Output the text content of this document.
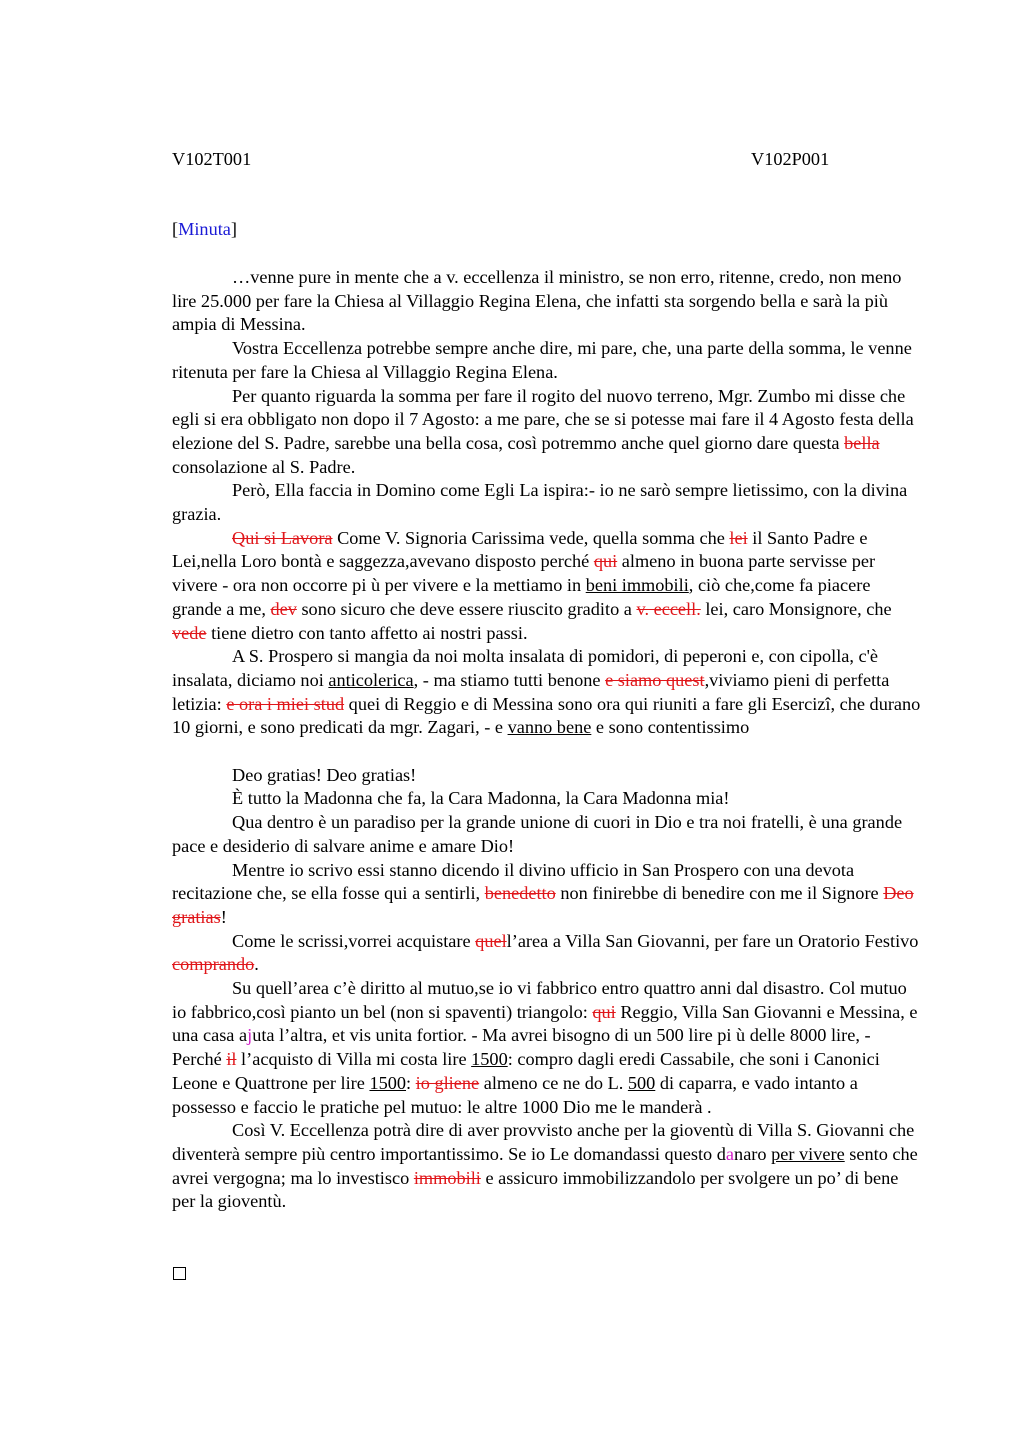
V102T001	V102P001
[Minuta]

…venne pure in mente che a v. eccellenza il ministro, se non erro, ritenne, credo, non meno lire 25.000 per fare la Chiesa al Villaggio Regina Elena, che infatti sta sorgendo bella e sarà la più ampia di Messina.

Vostra Eccellenza potrebbe sempre anche dire, mi pare, che, una parte della somma, le venne ritenuta per fare la Chiesa al Villaggio Regina Elena.

Per quanto riguarda la somma per fare il rogito del nuovo terreno, Mgr. Zumbo mi disse che egli si era obbligato non dopo il 7 Agosto: a me pare, che se si potesse mai fare il 4 Agosto festa della elezione del S. Padre, sarebbe una bella cosa, così potremmo anche quel giorno dare questa bella consolazione al S. Padre.

Però, Ella faccia in Domino come Egli La ispira:- io ne sarò sempre lietissimo, con la divina grazia.

Qui si Lavora Come V. Signoria Carissima vede, quella somma che lei il Santo Padre e Lei,nella Loro bontà e saggezza,avevano disposto perché qui almeno in buona parte servisse per vivere - ora non occorre pi ù per vivere e la mettiamo in beni immobili, ciò che,come fa piacere grande a me, dev sono sicuro che deve essere riuscito gradito a v. eccell. lei, caro Monsignore, che vede tiene dietro con tanto affetto ai nostri passi.

A S. Prospero si mangia da noi molta insalata di pomidori, di peperoni e, con cipolla, c'è insalata, diciamo noi anticolerica, - ma stiamo tutti benone e siamo quest,viviamo pieni di perfetta letizia: e ora i miei stud quei di Reggio e di Messina sono ora qui riuniti a fare gli Esercizî, che durano 10 giorni, e sono predicati da mgr. Zagari, - e vanno bene e sono contentissimo

Deo gratias! Deo gratias!

È tutto la Madonna che fa, la Cara Madonna, la Cara Madonna mia!

Qua dentro è un paradiso per la grande unione di cuori in Dio e tra noi fratelli, è una grande pace e desiderio di salvare anime e amare Dio!

Mentre io scrivo essi stanno dicendo il divino ufficio in San Prospero con una devota recitazione che, se ella fosse qui a sentirli, benedetto non finirebbe di benedire con me il Signore Deo gratias!

Come le scrissi,vorrei acquistare quell’area a Villa San Giovanni, per fare un Oratorio Festivo comprando.

Su quell’area c’è diritto al mutuo,se io vi fabbrico entro quattro anni dal disastro. Col mutuo io fabbrico,così pianto un bel (non si spaventi) triangolo: qui Reggio, Villa San Giovanni e Messina, e una casa ajuta l’altra, et vis unita fortior. - Ma avrei bisogno di un 500 lire pi ù delle 8000 lire, - Perché il l’acquisto di Villa mi costa lire 1500: compro dagli eredi Cassabile, che soni i Canonici Leone e Quattrone per lire 1500: io gliene almeno ce ne do L. 500 di caparra, e vado intanto a possesso e faccio le pratiche pel mutuo: le altre 1000 Dio me le manderà .

Così V. Eccellenza potrà dire di aver provvisto anche per la gioventù di Villa S. Giovanni che diventerà sempre più centro importantissimo. Se io Le domandassi questo danaro per vivere sento che avrei vergogna; ma lo investisco immobili e assicuro immobilizzandolo per svolgere un po’ di bene per la gioventù.
